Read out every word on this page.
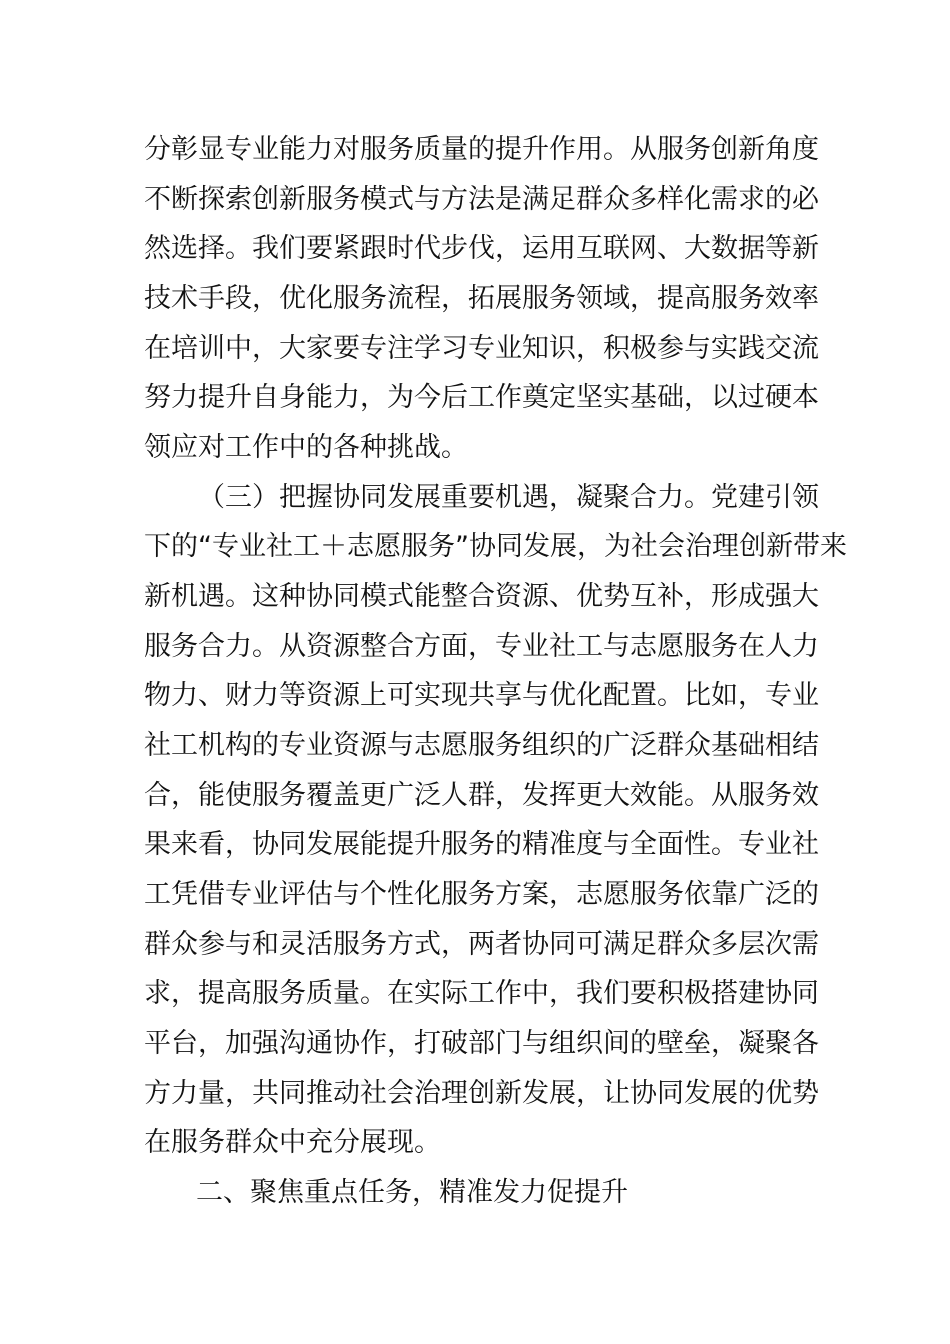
分彰显专业能力对服务质量的提升作用。从服务创新角度
不断探索创新服务模式与方法是满足群众多样化需求的必
然选择。我们要紧跟时代步伐，运用互联网、大数据等新
技术手段，优化服务流程，拓展服务领域，提高服务效率
在培训中，大家要专注学习专业知识，积极参与实践交流
努力提升自身能力，为今后工作奠定坚实基础，以过硬本
领应对工作中的各种挑战。
（三）把握协同发展重要机遇，凝聚合力。党建引领
下的“专业社工＋志愿服务”协同发展，为社会治理创新带来
新机遇。这种协同模式能整合资源、优势互补，形成强大
服务合力。从资源整合方面，专业社工与志愿服务在人力
物力、财力等资源上可实现共享与优化配置。比如，专业
社工机构的专业资源与志愿服务组织的广泛群众基础相结
合，能使服务覆盖更广泛人群，发挥更大效能。从服务效
果来看，协同发展能提升服务的精准度与全面性。专业社
工凭借专业评估与个性化服务方案，志愿服务依靠广泛的
群众参与和灵活服务方式，两者协同可满足群众多层次需
求，提高服务质量。在实际工作中，我们要积极搭建协同
平台，加强沟通协作，打破部门与组织间的壁垒，凝聚各
方力量，共同推动社会治理创新发展，让协同发展的优势
在服务群众中充分展现。
二、聚焦重点任务，精准发力促提升
